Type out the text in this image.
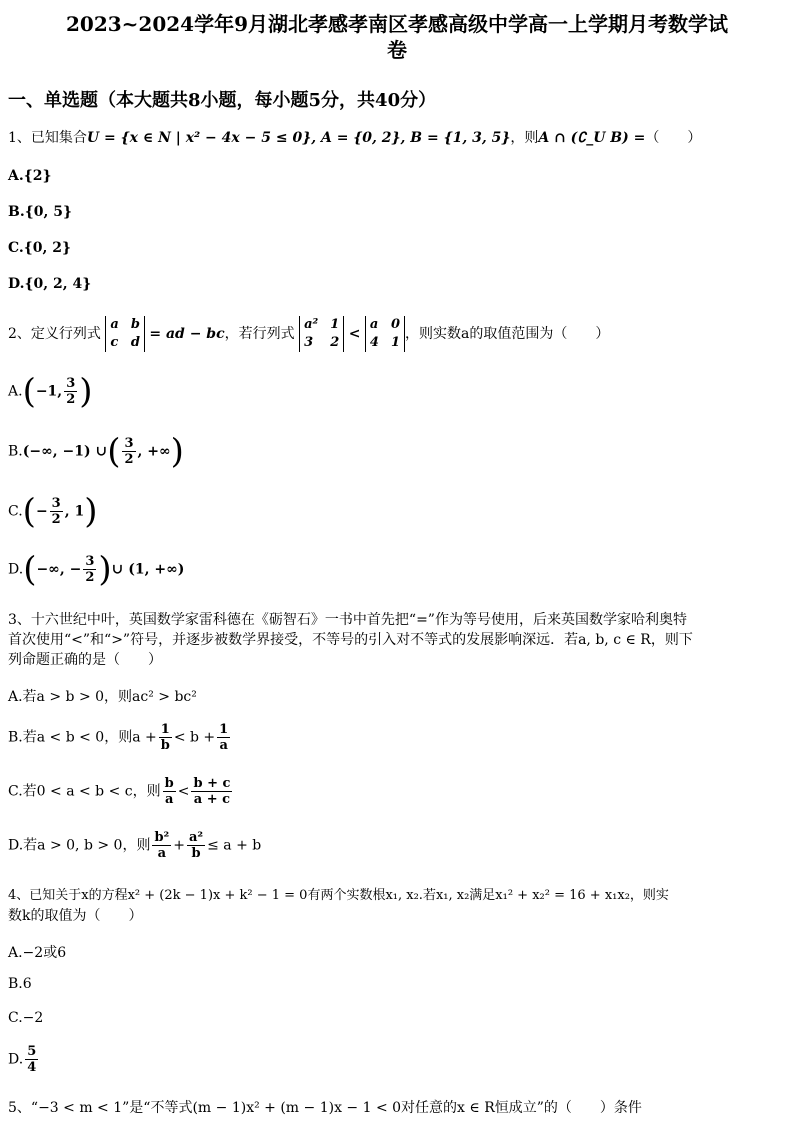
2023~2024学年9月湖北孝感孝南区孝感高级中学高一上学期月考数学试
卷
一、单选题（本大题共8小题，每小题5分，共40分）
1、已知集合U = {x ∈ N | x² − 4x − 5 ≤ 0}, A = {0, 2}, B = {1, 3, 5}，则A ∩ (∁_U B) =（　　）
A.{2}
B.{0, 5}
C.{0, 2}
D.{0, 2, 4}
2、定义行列式
a b
c d
= ad − bc，若行列式
a² 1
3	2
<
a 0
4 1
，则实数a的取值范围为（　　）
A.(−1, $\frac{3}{2}$ )
B.(−∞, −1) ∪( $\frac{3}{2}$ , +∞)
$C.(- \frac{3}{2}$ , 1)
D.(−∞, − $\frac{3}{2}$ )∪ (1, +∞)
3、十六世纪中叶，英国数学家雷科德在《砺智石》一书中首先把“=”作为等号使用，后来英国数学家哈利奥特
首次使用“<”和“>”符号，并逐步被数学界接受，不等号的引入对不等式的发展影响深远．若a, b, c ∈ R，则下
列命题正确的是（　　）
A.若a > b > 0，则ac² > bc²
B.若a < b < 0，则$a + \frac{1}{b} < b + \frac{1}{a}$
C.若0 < a < b < c，则 $\frac{b}{a} < \frac{b + c}{a + c}$
D.若a > 0, b > 0，则 $\frac{\text{b²}}{a} + \frac{\text{a²}}{b} \le a + b$
4、已知关于x的方程x² + (2k − 1)x + k² − 1 = 0有两个实数根x₁, x₂.若x₁, x₂满足x₁² + x₂² = 16 + x₁x₂，则实
数k的取值为（　　）
A.−2或6
B.6
C.−2
D. $\frac{5}{4}$
5、“−3 < m < 1”是“不等式(m − 1)x² + (m − 1)x − 1 < 0对任意的x ∈ R恒成立”的（　　）条件
